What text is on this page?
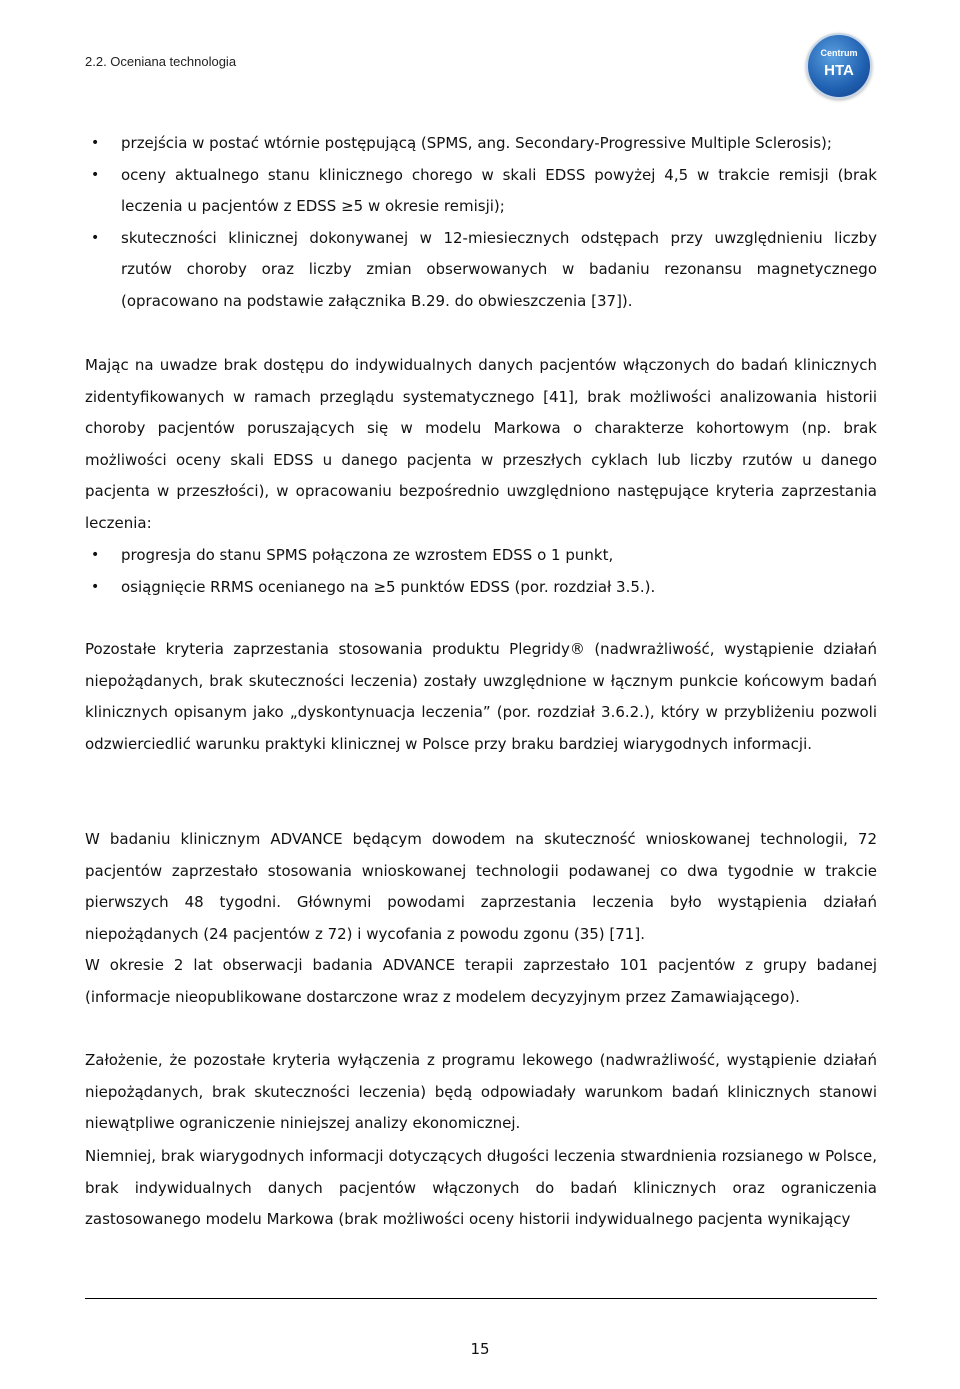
2.2. Oceniana technologia
Centrum
HTA
• przejścia w postać wtórnie postępującą (SPMS, ang. Secondary-Progressive Multiple Sclerosis);
• oceny aktualnego stanu klinicznego chorego w skali EDSS powyżej 4,5 w trakcie remisji (brak leczenia u pacjentów z EDSS ≥5 w okresie remisji);
• skuteczności klinicznej dokonywanej w 12-miesiecznych odstępach przy uwzględnieniu liczby rzutów choroby oraz liczby zmian obserwowanych w badaniu rezonansu magnetycznego (opracowano na podstawie załącznika B.29. do obwieszczenia [37]).

Mając na uwadze brak dostępu do indywidualnych danych pacjentów włączonych do badań klinicznych zidentyfikowanych w ramach przeglądu systematycznego [41], brak możliwości analizowania historii choroby pacjentów poruszających się w modelu Markowa o charakterze kohortowym (np. brak możliwości oceny skali EDSS u danego pacjenta w przeszłych cyklach lub liczby rzutów u danego pacjenta w przeszłości), w opracowaniu bezpośrednio uwzględniono następujące kryteria zaprzestania leczenia:

• progresja do stanu SPMS połączona ze wzrostem EDSS o 1 punkt,
• osiągnięcie RRMS ocenianego na ≥5 punktów EDSS (por. rozdział 3.5.).

Pozostałe kryteria zaprzestania stosowania produktu Plegridy® (nadwrażliwość, wystąpienie działań niepożądanych, brak skuteczności leczenia) zostały uwzględnione w łącznym punkcie końcowym badań klinicznych opisanym jako „dyskontynuacja leczenia” (por. rozdział 3.6.2.), który w przybliżeniu pozwoli odzwierciedlić warunku praktyki klinicznej w Polsce przy braku bardziej wiarygodnych informacji.

W badaniu klinicznym ADVANCE będącym dowodem na skuteczność wnioskowanej technologii, 72 pacjentów zaprzestało stosowania wnioskowanej technologii podawanej co dwa tygodnie w trakcie pierwszych 48 tygodni. Głównymi powodami zaprzestania leczenia było wystąpienia działań niepożądanych (24 pacjentów z 72) i wycofania z powodu zgonu (35) [71].

W okresie 2 lat obserwacji badania ADVANCE terapii zaprzestało 101 pacjentów z grupy badanej (informacje nieopublikowane dostarczone wraz z modelem decyzyjnym przez Zamawiającego).

Założenie, że pozostałe kryteria wyłączenia z programu lekowego (nadwrażliwość, wystąpienie działań niepożądanych, brak skuteczności leczenia) będą odpowiadały warunkom badań klinicznych stanowi niewątpliwe ograniczenie niniejszej analizy ekonomicznej.

Niemniej, brak wiarygodnych informacji dotyczących długości leczenia stwardnienia rozsianego w Polsce, brak indywidualnych danych pacjentów włączonych do badań klinicznych oraz ograniczenia zastosowanego modelu Markowa (brak możliwości oceny historii indywidualnego pacjenta wynikający

15
